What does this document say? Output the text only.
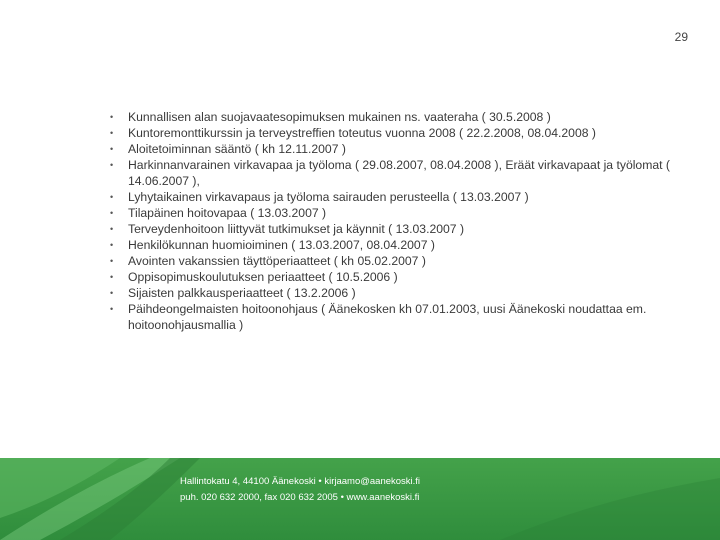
29
• Kunnallisen alan suojavaatesopimuksen mukainen ns. vaateraha ( 30.5.2008 )
• Kuntoremonttikurssin ja terveystreffien toteutus vuonna 2008 ( 22.2.2008, 08.04.2008 )
• Aloitetoiminnan sääntö ( kh 12.11.2007 )
• Harkinnanvarainen virkavapaa ja työloma ( 29.08.2007, 08.04.2008 ), Eräät virkavapaat ja työlomat ( 14.06.2007 ),
• Lyhytaikainen virkavapaus ja työloma sairauden perusteella ( 13.03.2007 )
• Tilapäinen hoitovapaa ( 13.03.2007 )
• Terveydenhoitoon liittyvät tutkimukset ja käynnit ( 13.03.2007 )
• Henkilökunnan huomioiminen ( 13.03.2007, 08.04.2007 )
• Avointen vakanssien täyttöperiaatteet ( kh 05.02.2007 )
• Oppisopimuskoulutuksen periaatteet ( 10.5.2006 )
• Sijaisten palkkausperiaatteet ( 13.2.2006 )
• Päihdeongelmaisten hoitoonohjaus ( Äänekosken kh 07.01.2003, uusi Äänekoski noudattaa em. hoitoonohjausmallia )
Hallintokatu 4, 44100 Äänekoski • kirjaamo@aanekoski.fi
puh. 020 632 2000, fax 020 632 2005 • www.aanekoski.fi
